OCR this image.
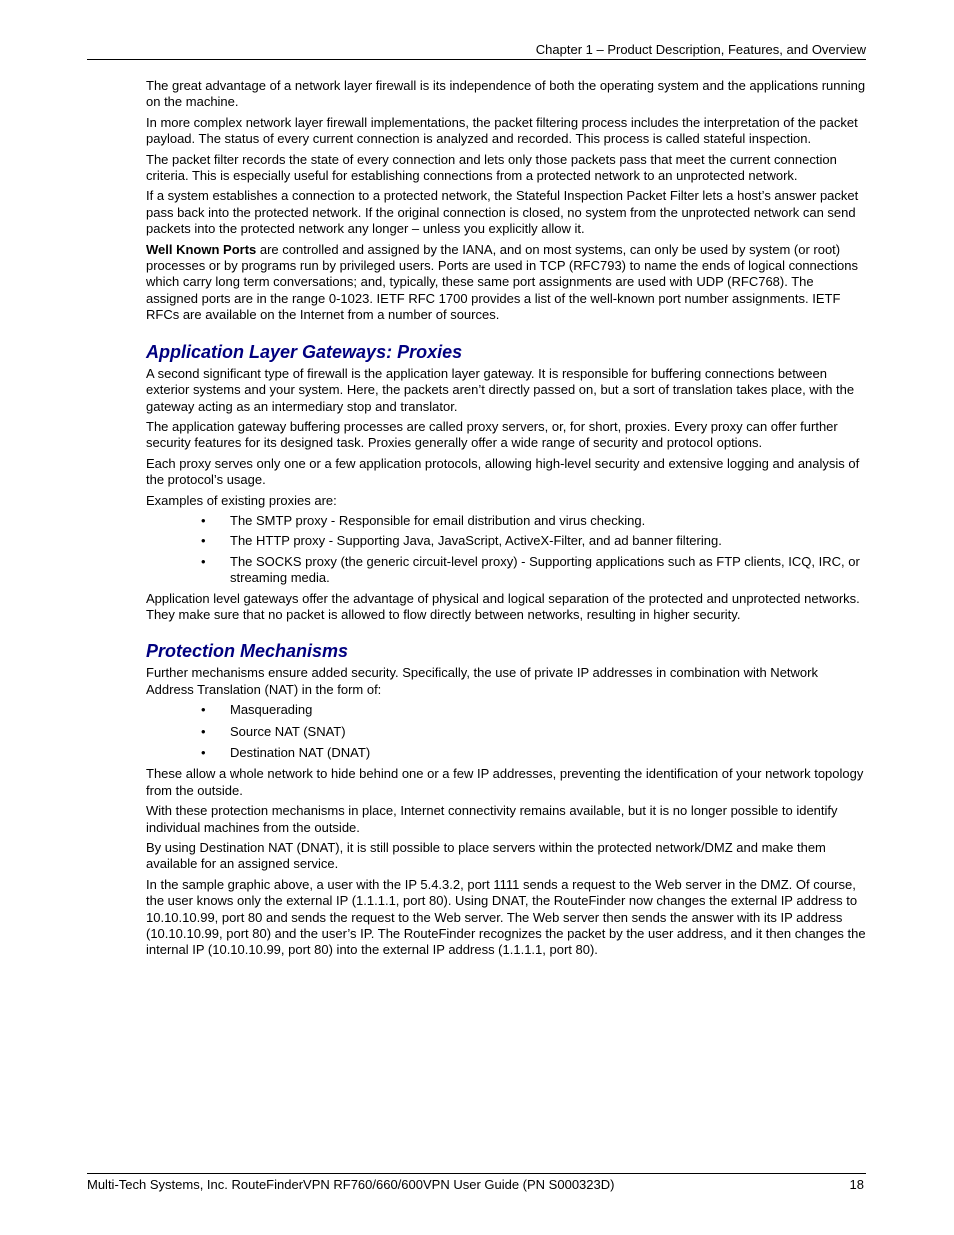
Chapter 1 – Product Description, Features, and Overview

The great advantage of a network layer firewall is its independence of both the operating system and the applications running on the machine.

In more complex network layer firewall implementations, the packet filtering process includes the interpretation of the packet payload. The status of every current connection is analyzed and recorded. This process is called stateful inspection.

The packet filter records the state of every connection and lets only those packets pass that meet the current connection criteria. This is especially useful for establishing connections from a protected network to an unprotected network.

If a system establishes a connection to a protected network, the Stateful Inspection Packet Filter lets a host’s answer packet pass back into the protected network. If the original connection is closed, no system from the unprotected network can send packets into the protected network any longer – unless you explicitly allow it.

Well Known Ports are controlled and assigned by the IANA, and on most systems, can only be used by system (or root) processes or by programs run by privileged users. Ports are used in TCP (RFC793) to name the ends of logical connections which carry long term conversations; and, typically, these same port assignments are used with UDP (RFC768). The assigned ports are in the range 0-1023. IETF RFC 1700 provides a list of the well-known port number assignments. IETF RFCs are available on the Internet from a number of sources.

Application Layer Gateways: Proxies

A second significant type of firewall is the application layer gateway. It is responsible for buffering connections between exterior systems and your system. Here, the packets aren’t directly passed on, but a sort of translation takes place, with the gateway acting as an intermediary stop and translator.

The application gateway buffering processes are called proxy servers, or, for short, proxies. Every proxy can offer further security features for its designed task. Proxies generally offer a wide range of security and protocol options.

Each proxy serves only one or a few application protocols, allowing high-level security and extensive logging and analysis of the protocol’s usage.

Examples of existing proxies are:

• The SMTP proxy - Responsible for email distribution and virus checking.
• The HTTP proxy - Supporting Java, JavaScript, ActiveX-Filter, and ad banner filtering.
• The SOCKS proxy (the generic circuit-level proxy) - Supporting applications such as FTP clients, ICQ, IRC, or streaming media.

Application level gateways offer the advantage of physical and logical separation of the protected and unprotected networks. They make sure that no packet is allowed to flow directly between networks, resulting in higher security.

Protection Mechanisms

Further mechanisms ensure added security. Specifically, the use of private IP addresses in combination with Network Address Translation (NAT) in the form of:

• Masquerading
• Source NAT (SNAT)
• Destination NAT (DNAT)

These allow a whole network to hide behind one or a few IP addresses, preventing the identification of your network topology from the outside.

With these protection mechanisms in place, Internet connectivity remains available, but it is no longer possible to identify individual machines from the outside.

By using Destination NAT (DNAT), it is still possible to place servers within the protected network/DMZ and make them available for an assigned service.

In the sample graphic above, a user with the IP 5.4.3.2, port 1111 sends a request to the Web server in the DMZ. Of course, the user knows only the external IP (1.1.1.1, port 80). Using DNAT, the RouteFinder now changes the external IP address to 10.10.10.99, port 80 and sends the request to the Web server. The Web server then sends the answer with its IP address (10.10.10.99, port 80) and the user’s IP. The RouteFinder recognizes the packet by the user address, and it then changes the internal IP (10.10.10.99, port 80) into the external IP address (1.1.1.1, port 80).

Multi-Tech Systems, Inc. RouteFinderVPN RF760/660/600VPN User Guide (PN S000323D)	18
